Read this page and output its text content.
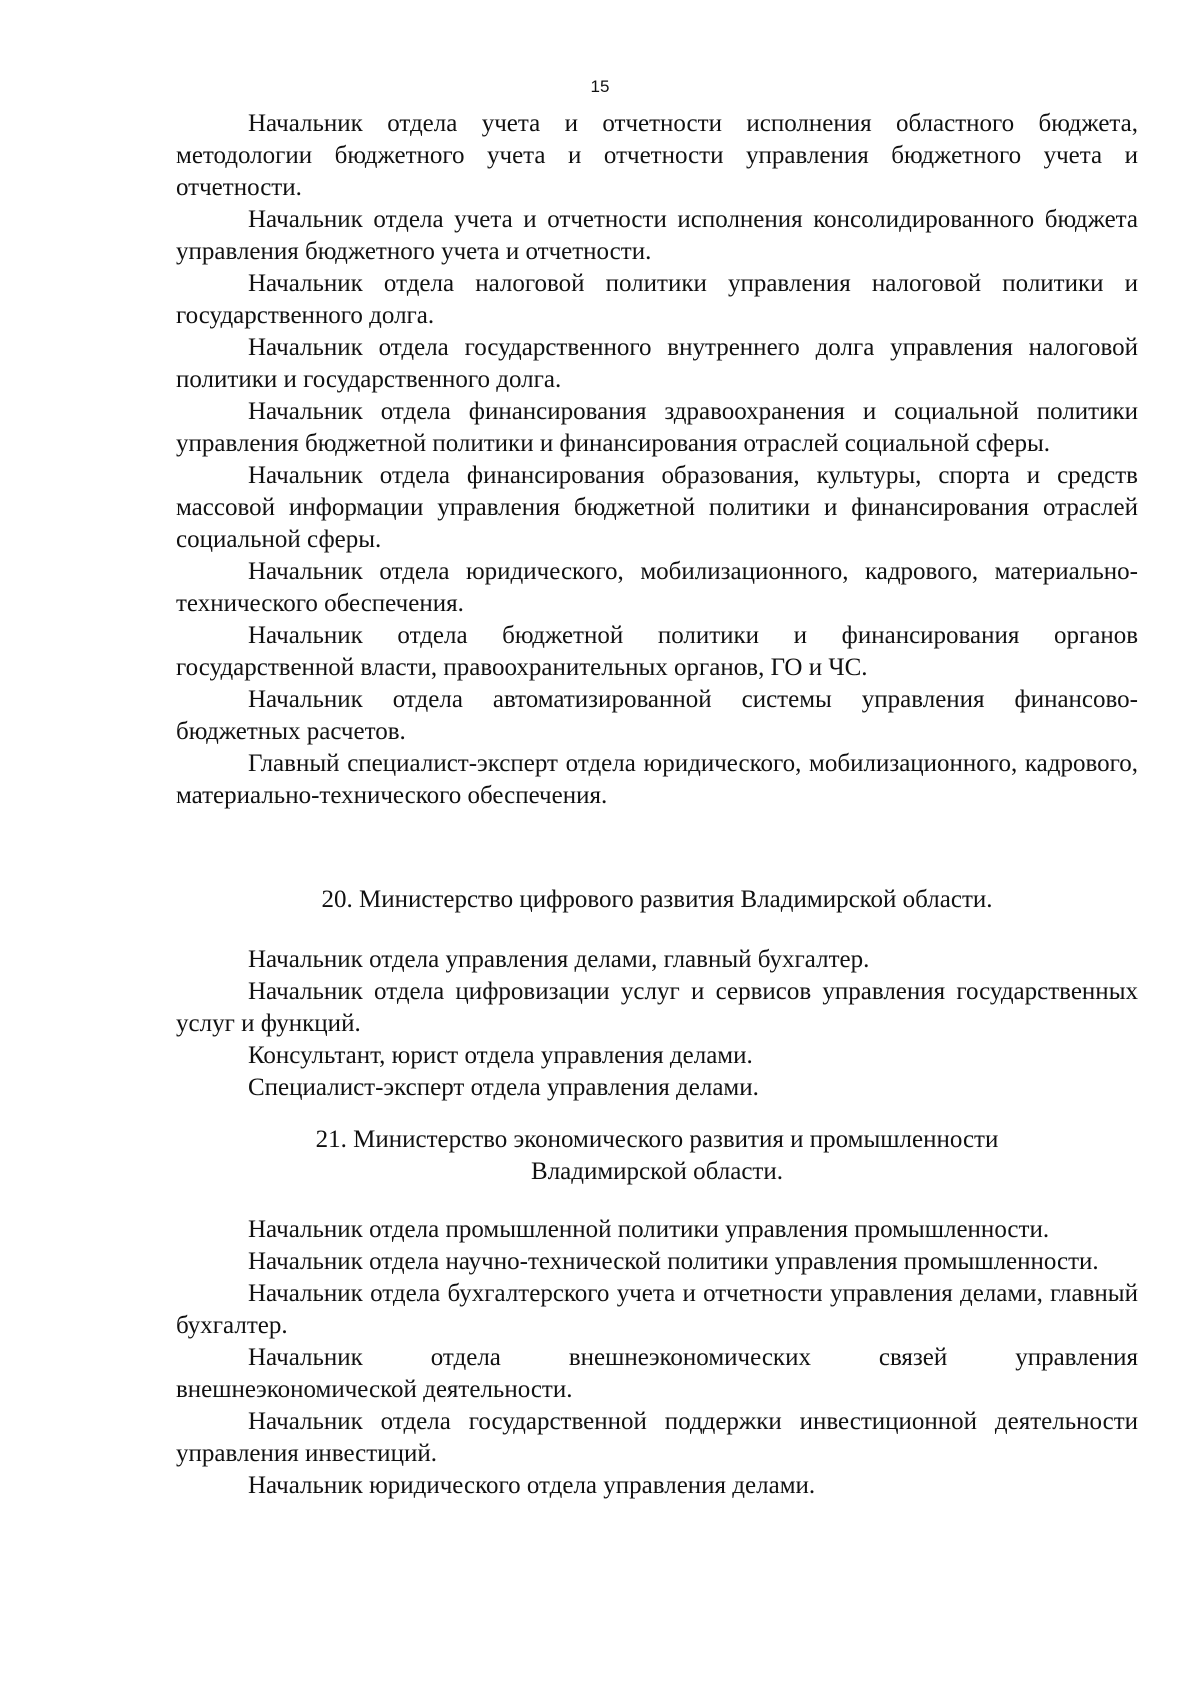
15

Начальник отдела учета и отчетности исполнения областного бюджета, методологии бюджетного учета и отчетности управления бюджетного учета и отчетности.

Начальник отдела учета и отчетности исполнения консолидированного бюджета управления бюджетного учета и отчетности.

Начальник отдела налоговой политики управления налоговой политики и государственного долга.

Начальник отдела государственного внутреннего долга управления налоговой политики и государственного долга.

Начальник отдела финансирования здравоохранения и социальной политики управления бюджетной политики и финансирования отраслей социальной сферы.

Начальник отдела финансирования образования, культуры, спорта и средств массовой информации управления бюджетной политики и финансирования отраслей социальной сферы.

Начальник отдела юридического, мобилизационного, кадрового, материально-технического обеспечения.

Начальник отдела бюджетной политики и финансирования органов государственной власти, правоохранительных органов, ГО и ЧС.

Начальник отдела автоматизированной системы управления финансово-бюджетных расчетов.

Главный специалист-эксперт отдела юридического, мобилизационного, кадрового, материально-технического обеспечения.

20. Министерство цифрового развития Владимирской области.

Начальник отдела управления делами, главный бухгалтер.

Начальник отдела цифровизации услуг и сервисов управления государственных услуг и функций.

Консультант, юрист отдела управления делами.

Специалист-эксперт отдела управления делами.

21. Министерство экономического развития и промышленности
Владимирской области.

Начальник отдела промышленной политики управления промышленности.

Начальник отдела научно-технической политики управления промышленности.

Начальник отдела бухгалтерского учета и отчетности управления делами, главный бухгалтер.

Начальник отдела внешнеэкономических связей управления внешнеэкономической деятельности.

Начальник отдела государственной поддержки инвестиционной деятельности управления инвестиций.

Начальник юридического отдела управления делами.
